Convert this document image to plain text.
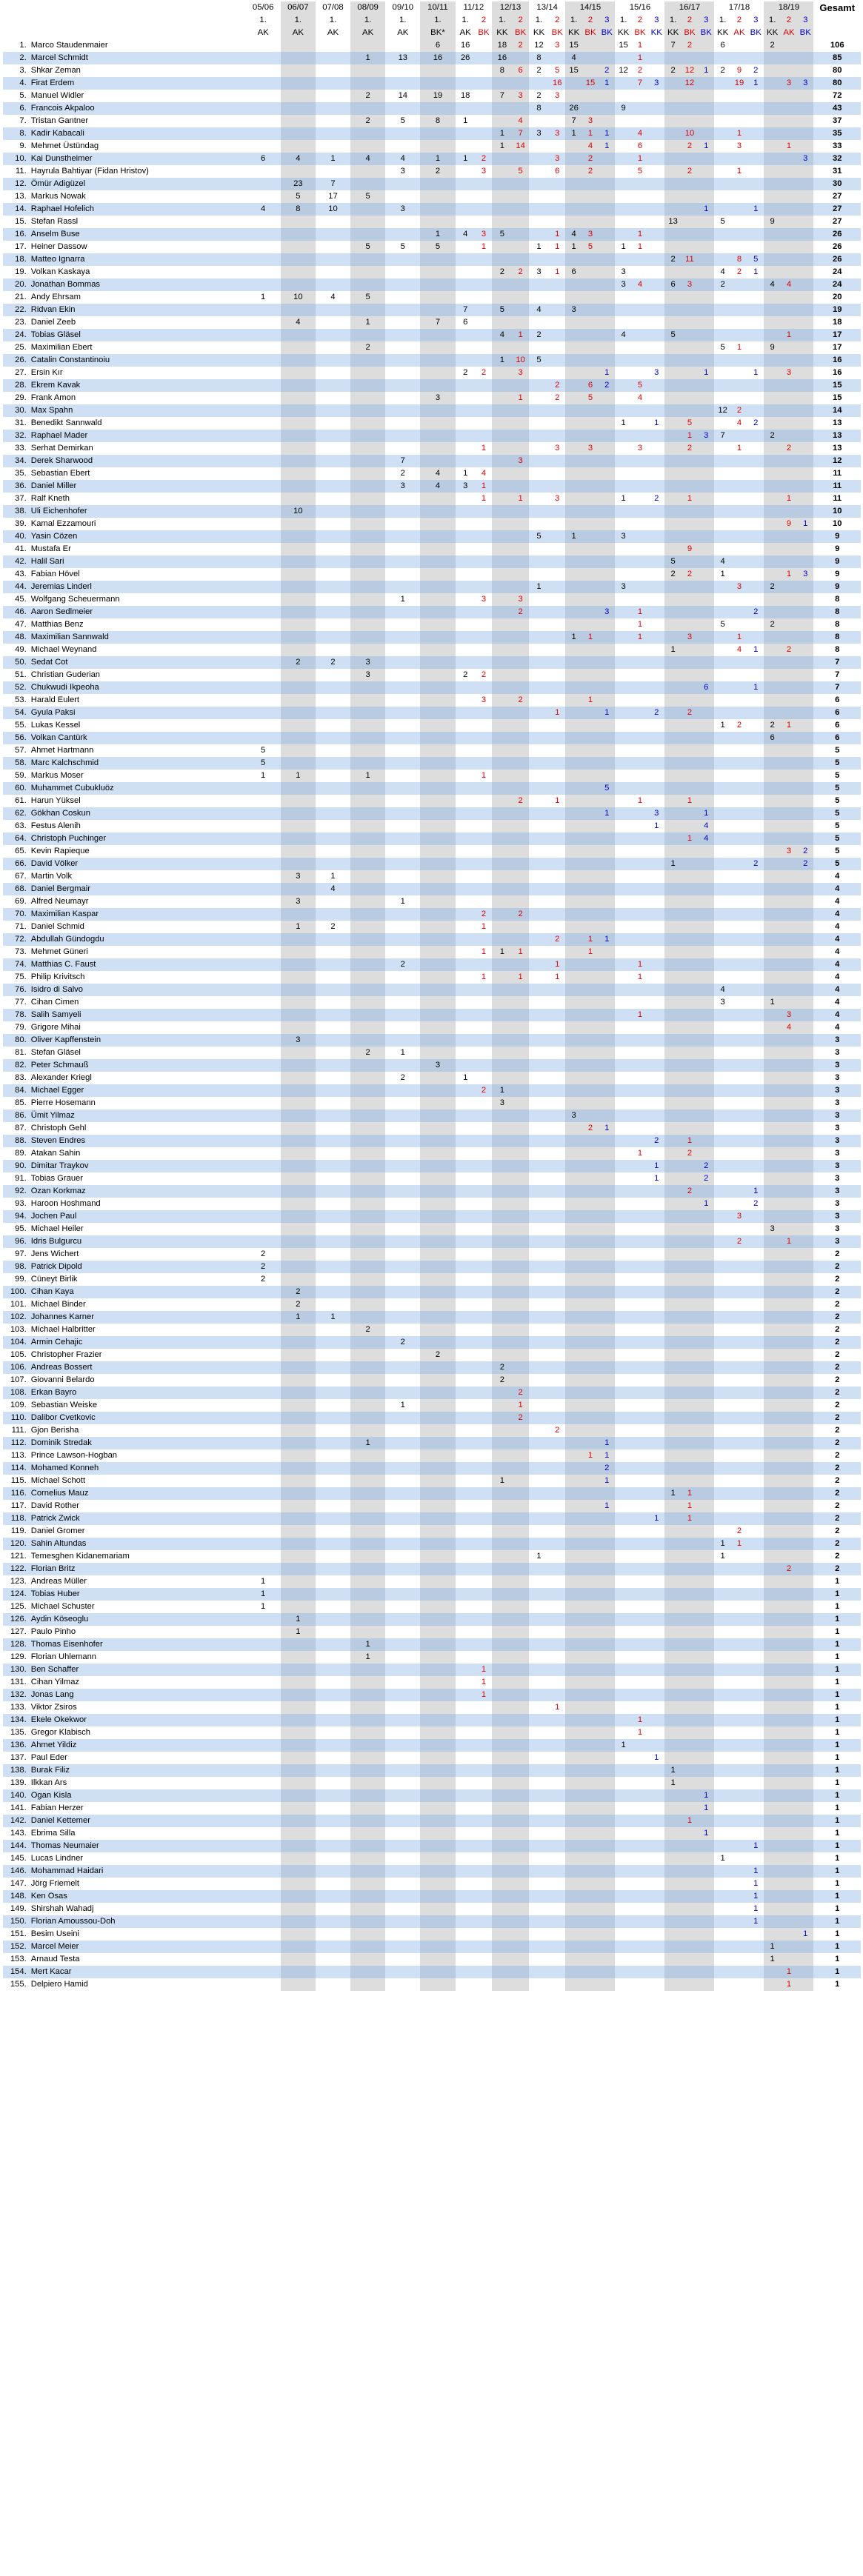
		05/06	06/07	07/08	08/09	09/10	10/11	11/12		12/13		13/14		14/15			15/16			16/17			17/18			18/19			Gesamt
		1.	1.	1.	1.	1.	1.	1.	2	1.	2	1.	2	1.	2	3	1.	2	3	1.	2	3	1.	2	3	1.	2	3	
		AK	AK	AK	AK	AK	BK*	AK	BK	KK	BK	KK	BK	KK	BK	BK	KK	BK	KK	KK	BK	BK	KK	AK	BK	KK	AK	BK	
1.	Marco Staudenmaier						6	16		18	2	12	3	15			15	1		7	2		6			2			106
2.	Marcel Schmidt				1	13	16	26		16		8		4				1											85
3.	Shkar Zeman									8	6	2	5	15		2	12	2		2	12	1	2	9	2				80
4.	Firat Erdem												16		15	1		7	3		12			19	1		3	3	80
5.	Manuel Widler				2	14	19	18		7	3	2	3																72
6.	Francois Akpaloo											8		26			9												43
7.	Tristan Gantner				2	5	8	1			4			7	3														37
8.	Kadir Kabacali									1	7	3	3	1	1	1		4			10			1					35
9.	Mehmet Üstündag									1	14				4	1		6			2	1		3			1		33
10.	Kai Dunstheimer	6	4	1	4	4	1	1	2				3		2			1										3	32
11.	Hayrula Bahtiyar (Fidan Hristov)					3	2		3		5		6		2			5			2			1					31
12.	Ömür Adigüzel		23	7																									30
13.	Markus Nowak		5	17	5																								27
14.	Raphael Hofelich	4	8	10		3																1			1				27
15.	Stefan Rassl																			13			5			9			27
16.	Anselm Buse						1	4	3	5			1	4	3			1											26
17.	Heiner Dassow				5	5	5		1			1	1	1	5		1	1											26
18.	Matteo Ignarra																			2	11			8	5				26
19.	Volkan Kaskaya									2	2	3	1	6			3						4	2	1				24
20.	Jonathan Bommas																3	4		6	3		2			4	4		24
21.	Andy Ehrsam	1	10	4	5																								20
22.	Ridvan Ekin							7		5		4		3															19
23.	Daniel Zeeb		4		1		7	6																					18
24.	Tobias Gläsel									4	1	2					4			5							1		17
25.	Maximilian Ebert				2																		5	1		9			17
26.	Catalin Constantinoiu									1	10	5																	16
27.	Ersin Kır							2	2		3					1			3			1			1		3		16
28.	Ekrem Kavak												2		6	2		5											15
29.	Frank Amon						3				1		2		5			4											15
30.	Max Spahn																						12	2					14
31.	Benedikt Sannwald																1		1		5			4	2				13
32.	Raphael Mader																				1	3	7			2			13
33.	Serhat Demirkan								1				3		3			3			2			1			2		13
34.	Derek Sharwood					7					3																		12
35.	Sebastian Ebert					2	4	1	4																				11
36.	Daniel Miller					3	4	3	1																				11
37.	Ralf Kneth								1		1		3				1		2		1						1		11
38.	Uli Eichenhofer		10																										10
39.	Kamal Ezzamouri																										9	1	10
40.	Yasin Cözen											5		1			3												9
41.	Mustafa Er																				9								9
42.	Halil Sari																			5			4						9
43.	Fabian Hövel																			2	2		1				1	3	9
44.	Jeremias Linderl											1					3							3		2			9
45.	Wolfgang Scheuermann					1			3		3																		8
46.	Aaron Sedlmeier										2					3		1							2				8
47.	Matthias Benz																	1					5			2			8
48.	Maximilian Sannwald													1	1			1			3			1					8
49.	Michael Weynand																			1				4	1		2		8
50.	Sedat Cot		2	2	3																								7
51.	Christian Guderian				3			2	2																				7
52.	Chukwudi Ikpeoha																					6			1				7
53.	Harald Eulert								3		2				1														6
54.	Gyula Paksi												1			1			2		2								6
55.	Lukas Kessel																						1	2		2	1		6
56.	Volkan Cantürk																									6			6
57.	Ahmet Hartmann	5																											5
58.	Marc Kalchschmid	5																											5
59.	Markus Moser	1	1		1				1																				5
60.	Muhammet Cubukluöz															5													5
61.	Harun Yüksel										2		1					1			1								5
62.	Gökhan Coskun															1			3			1							5
63.	Festus Alenih																		1			4							5
64.	Christoph Puchinger																				1	4							5
65.	Kevin Rapieque																										3	2	5
66.	David Völker																			1					2			2	5
67.	Martin Volk		3	1																									4
68.	Daniel Bergmair			4																									4
69.	Alfred Neumayr		3			1																							4
70.	Maximilian Kaspar								2		2																		4
71.	Daniel Schmid		1	2					1																				4
72.	Abdullah Gündogdu												2		1	1													4
73.	Mehmet Güneri								1	1	1				1														4
74.	Matthias C. Faust					2							1					1											4
75.	Philip Krivitsch								1		1		1					1											4
76.	Isidro di Salvo																						4						4
77.	Cihan Cimen																						3			1			4
78.	Salih Samyeli																	1									3		4
79.	Grigore Mihai																										4		4
80.	Oliver Kapffenstein		3																										3
81.	Stefan Gläsel				2	1																							3
82.	Peter Schmauß						3																						3
83.	Alexander Kriegl					2		1																					3
84.	Michael Egger								2	1																			3
85.	Pierre Hosemann									3																			3
86.	Ümit Yilmaz													3															3
87.	Christoph Gehl														2	1													3
88.	Steven Endres																		2		1								3
89.	Atakan Sahin																	1			2								3
90.	Dimitar Traykov																		1			2							3
91.	Tobias Grauer																		1			2							3
92.	Ozan Korkmaz																				2				1				3
93.	Haroon Hoshmand																					1			2				3
94.	Jochen Paul																							3					3
95.	Michael Heiler																									3			3
96.	Idris Bulgurcu																							2			1		3
97.	Jens Wichert	2																											2
98.	Patrick Dipold	2																											2
99.	Cüneyt Birlik	2																											2
100.	Cihan Kaya		2																										2
101.	Michael Binder		2																										2
102.	Johannes Karner		1	1																									2
103.	Michael Halbritter				2																								2
104.	Armin Cehajic					2																							2
105.	Christopher Frazier						2																						2
106.	Andreas Bossert									2																			2
107.	Giovanni Belardo									2																			2
108.	Erkan Bayro										2																		2
109.	Sebastian Weiske					1					1																		2
110.	Dalibor Cvetkovic										2																		2
111.	Gjon Berisha												2																2
112.	Dominik Stredak				1											1													2
113.	Prince Lawson-Hogban														1	1													2
114.	Mohamed Konneh															2													2
115.	Michael Schott									1						1													2
116.	Cornelius Mauz																			1	1								2
117.	David Rother															1					1								2
118.	Patrick Zwick																		1		1								2
119.	Daniel Gromer																							2					2
120.	Sahin Altundas																						1	1					2
121.	Temesghen Kidanemariam											1											1						2
122.	Florian Britz																										2		2
123.	Andreas Müller	1																											1
124.	Tobias Huber	1																											1
125.	Michael Schuster	1																											1
126.	Aydin Köseoglu		1																										1
127.	Paulo Pinho		1																										1
128.	Thomas Eisenhofer				1																								1
129.	Florian Uhlemann				1																								1
130.	Ben Schaffer								1																				1
131.	Cihan Yilmaz								1																				1
132.	Jonas Lang								1																				1
133.	Viktor Zsiros												1																1
134.	Ekele Okekwor																	1											1
135.	Gregor Klabisch																	1											1
136.	Ahmet Yildiz																1												1
137.	Paul Eder																		1										1
138.	Burak Filiz																			1									1
139.	Ilkkan Ars																			1									1
140.	Ogan Kisla																					1							1
141.	Fabian Herzer																					1							1
142.	Daniel Kettemer																				1								1
143.	Ebrima Silla																					1							1
144.	Thomas Neumaier																								1				1
145.	Lucas Lindner																						1						1
146.	Mohammad Haidari																								1				1
147.	Jörg Friemelt																								1				1
148.	Ken Osas																								1				1
149.	Shirshah Wahadj																								1				1
150.	Florian Amoussou-Doh																								1				1
151.	Besim Useini																											1	1
152.	Marcel Meier																									1			1
153.	Arnaud Testa																									1			1
154.	Mert Kacar																										1		1
155.	Delpiero Hamid																										1		1
